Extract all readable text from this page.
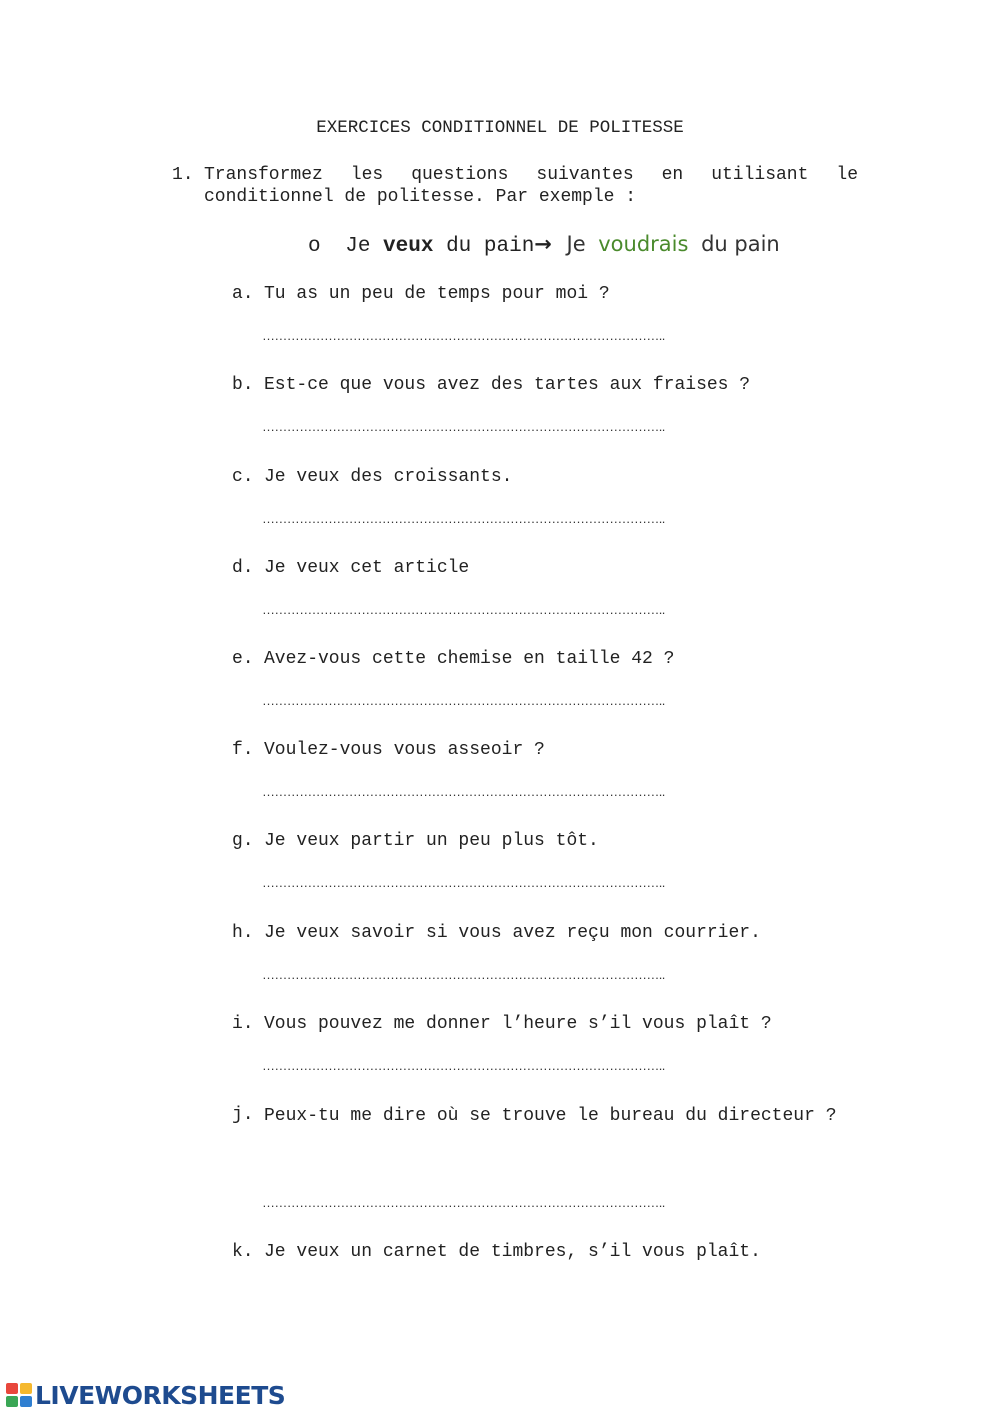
EXERCICES CONDITIONNEL DE POLITESSE
1. Transformez les questions suivantes en utilisant le conditionnel de politesse. Par exemple :
o Je veux du pain→ Je voudrais du pain
a. Tu as un peu de temps pour moi ?
……………………………………………………………………………………..
b. Est-ce que vous avez des tartes aux fraises ?
……………………………………………………………………………………..
c. Je veux des croissants.
……………………………………………………………………………………..
d. Je veux cet article
……………………………………………………………………………………..
e. Avez-vous cette chemise en taille 42 ?
……………………………………………………………………………………..
f. Voulez-vous vous asseoir ?
……………………………………………………………………………………..
g. Je veux partir un peu plus tôt.
……………………………………………………………………………………..
h. Je veux savoir si vous avez reçu mon courrier.
……………………………………………………………………………………..
i. Vous pouvez me donner l’heure s’il vous plaît ?
……………………………………………………………………………………..
j. Peux-tu me dire où se trouve le bureau du directeur ?
……………………………………………………………………………………..
k. Je veux un carnet de timbres, s’il vous plaît.
LIVEWORKSHEETS
